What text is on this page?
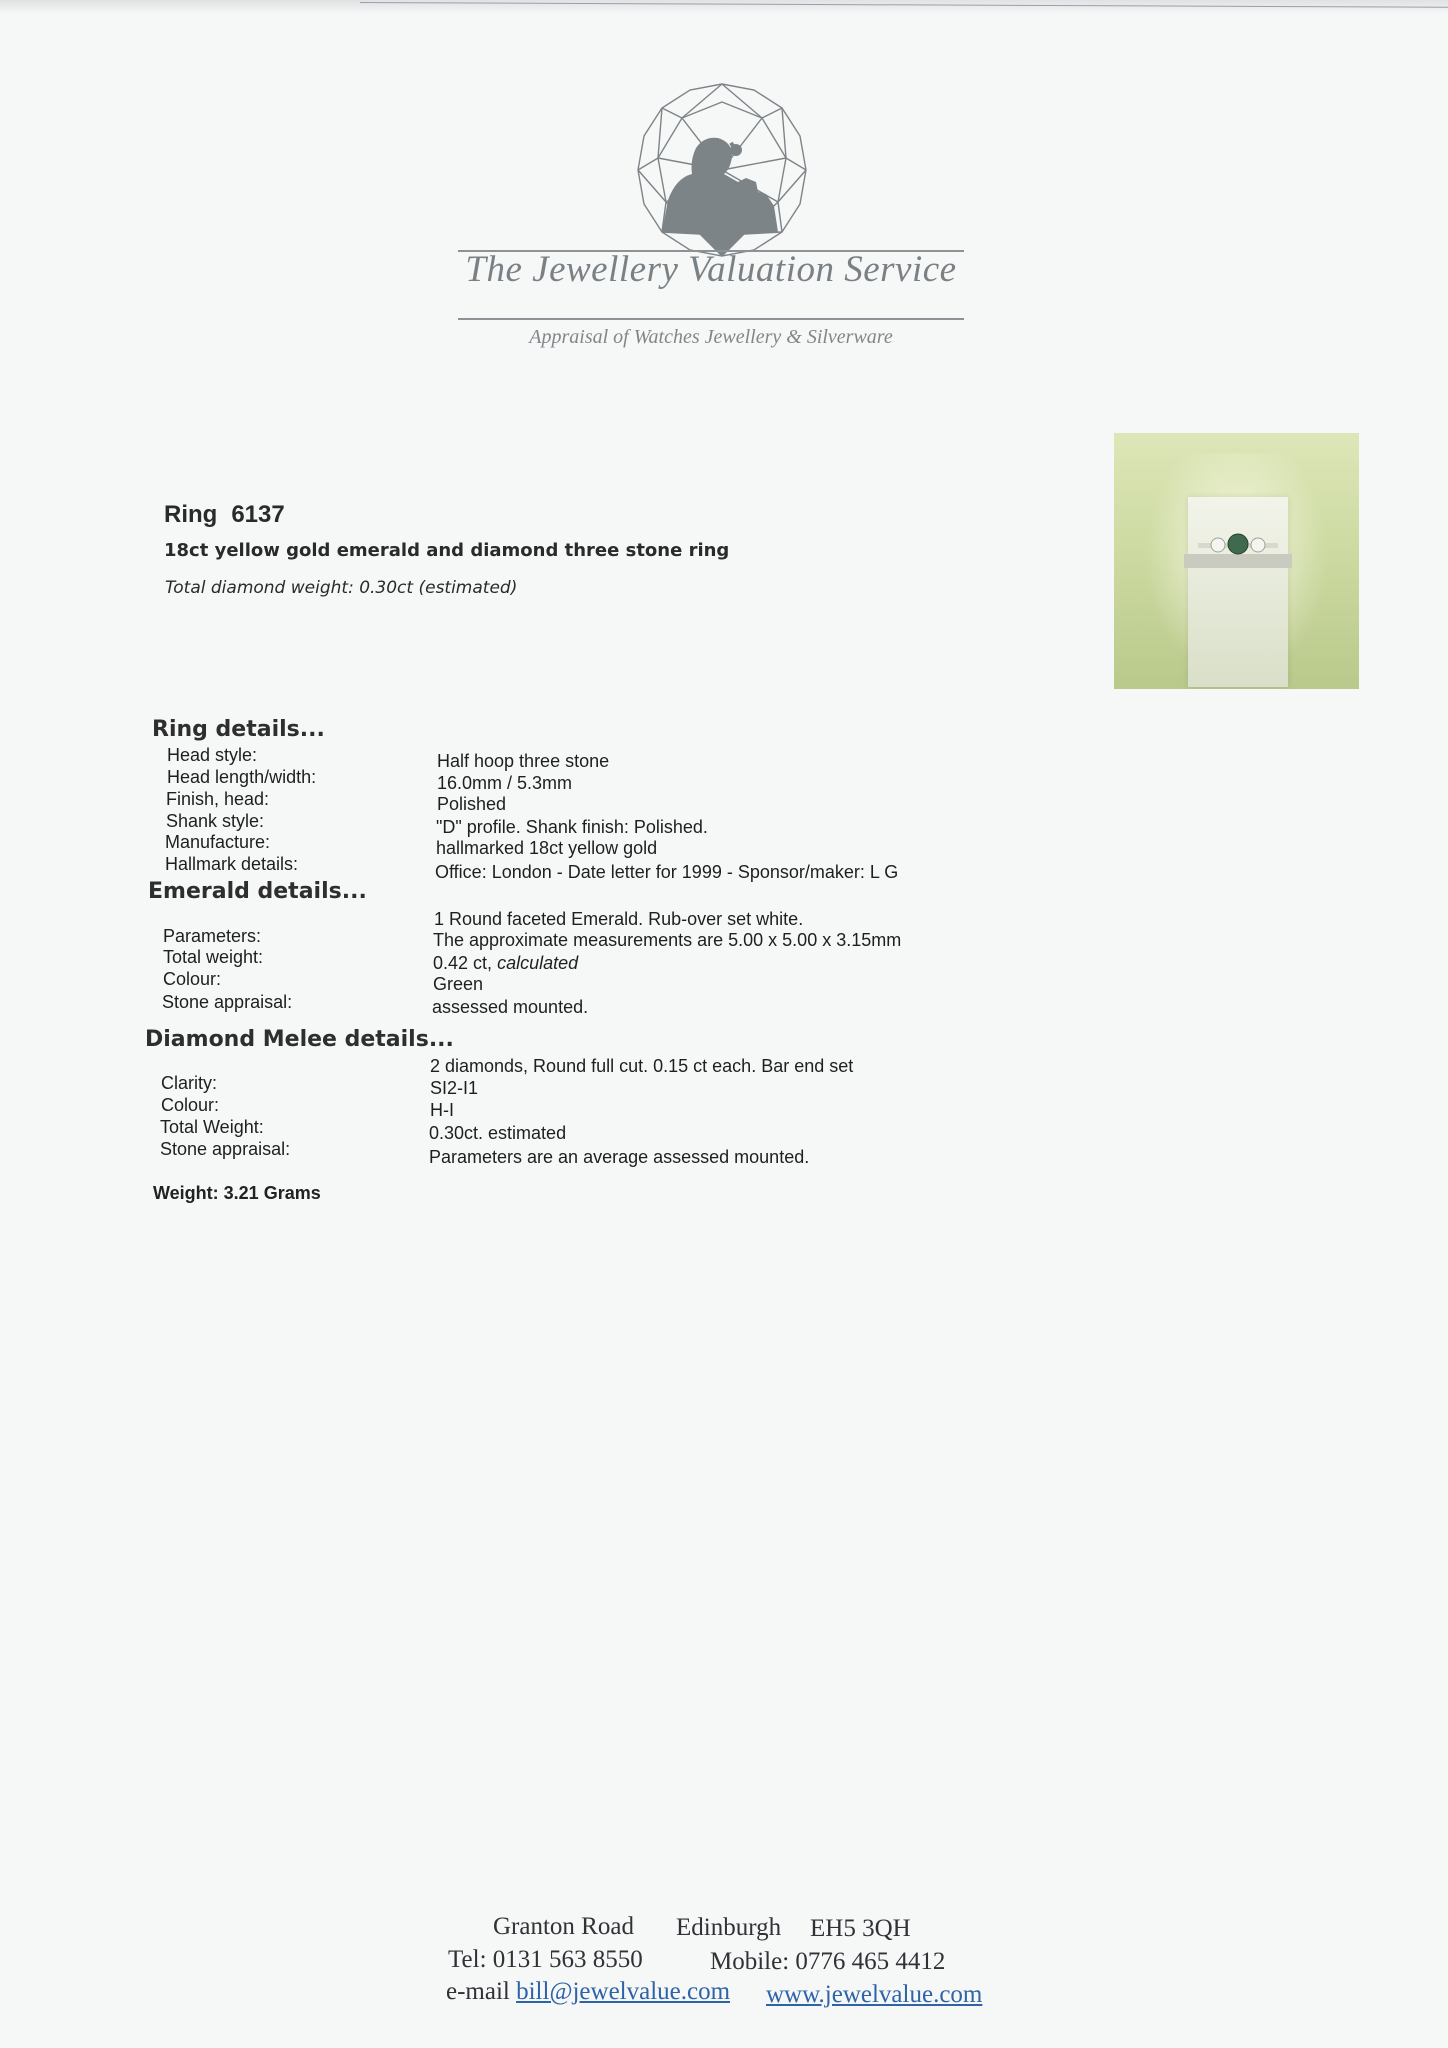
The Jewellery Valuation Service
Appraisal of Watches Jewellery & Silverware
Ring 6137
18ct yellow gold emerald and diamond three stone ring
Total diamond weight: 0.30ct (estimated)
Ring details...
Head style:
Head length/width:
Finish, head:
Shank style:
Manufacture:
Hallmark details:
Half hoop three stone
16.0mm / 5.3mm
Polished
"D" profile. Shank finish: Polished.
hallmarked 18ct yellow gold
Office: London - Date letter for 1999 - Sponsor/maker: L G
Emerald details...
1 Round faceted Emerald. Rub-over set white.
Parameters:
Total weight:
Colour:
Stone appraisal:
The approximate measurements are 5.00 x 5.00 x 3.15mm
0.42 ct, calculated
Green
assessed mounted.
Diamond Melee details...
2 diamonds, Round full cut. 0.15 ct each. Bar end set
Clarity:
Colour:
Total Weight:
Stone appraisal:
SI2-I1
H-I
0.30ct. estimated
Parameters are an average assessed mounted.
Weight: 3.21 Grams
Granton Road Edinburgh EH5 3QH
Tel: 0131 563 8550	Mobile: 0776 465 4412
e-mail bill@jewelvalue.com www.jewelvalue.com
